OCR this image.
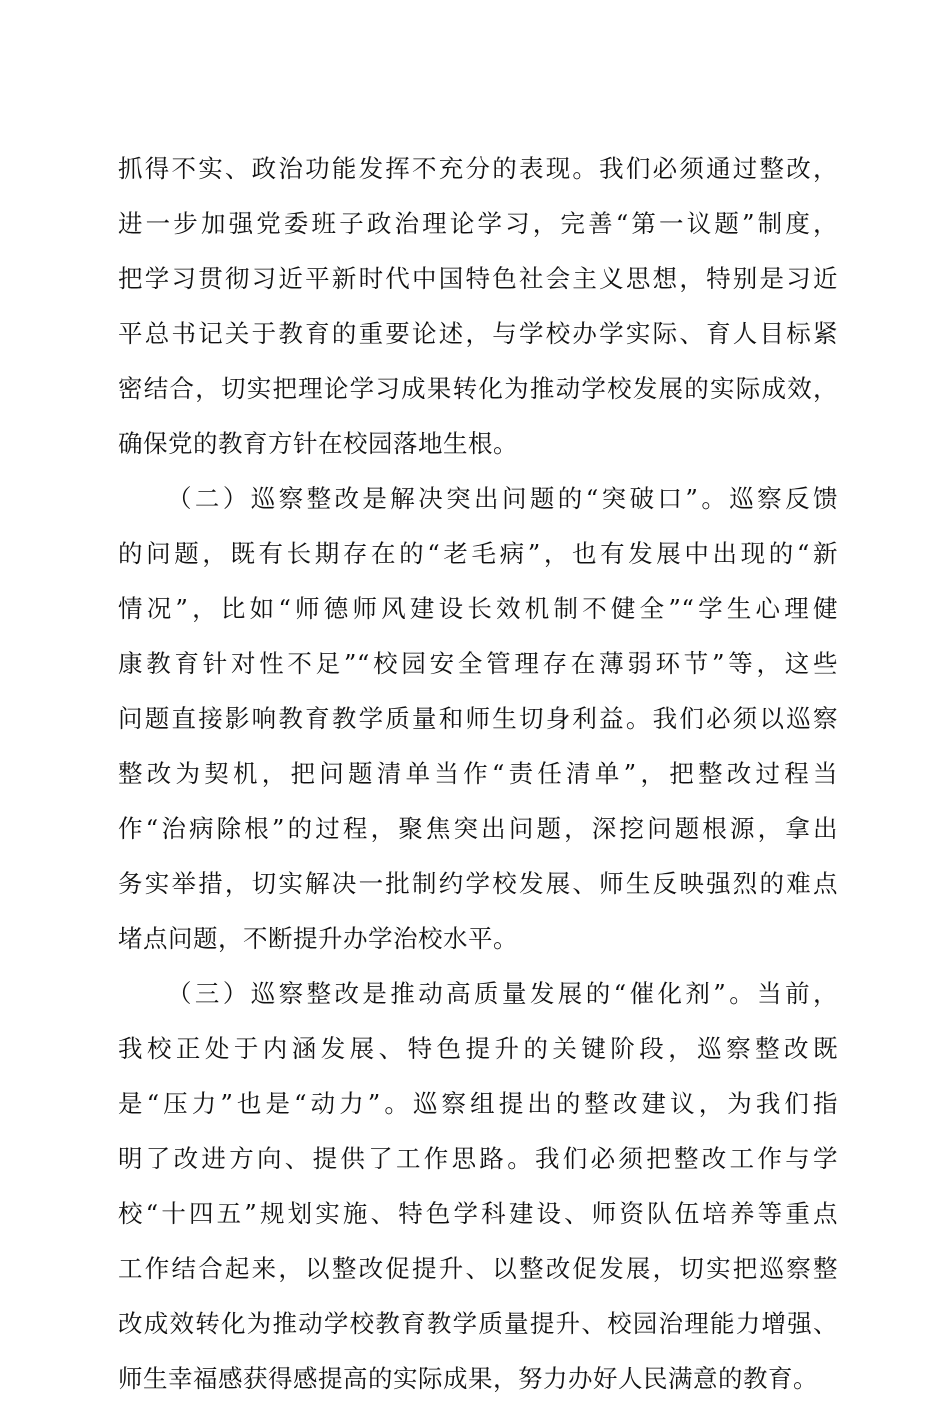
抓得不实、政治功能发挥不充分的表现。我们必须通过整改，
进一步加强党委班子政治理论学习，完善“第一议题”制度，
把学习贯彻习近平新时代中国特色社会主义思想，特别是习近
平总书记关于教育的重要论述，与学校办学实际、育人目标紧
密结合，切实把理论学习成果转化为推动学校发展的实际成效，
确保党的教育方针在校园落地生根。
（二）巡察整改是解决突出问题的“突破口”。巡察反馈
的问题，既有长期存在的“老毛病”，也有发展中出现的“新
情况”，比如“师德师风建设长效机制不健全”“学生心理健
康教育针对性不足”“校园安全管理存在薄弱环节”等，这些
问题直接影响教育教学质量和师生切身利益。我们必须以巡察
整改为契机，把问题清单当作“责任清单”，把整改过程当
作“治病除根”的过程，聚焦突出问题，深挖问题根源，拿出
务实举措，切实解决一批制约学校发展、师生反映强烈的难点
堵点问题，不断提升办学治校水平。
（三）巡察整改是推动高质量发展的“催化剂”。当前，
我校正处于内涵发展、特色提升的关键阶段，巡察整改既
是“压力”也是“动力”。巡察组提出的整改建议，为我们指
明了改进方向、提供了工作思路。我们必须把整改工作与学
校“十四五”规划实施、特色学科建设、师资队伍培养等重点
工作结合起来，以整改促提升、以整改促发展，切实把巡察整
改成效转化为推动学校教育教学质量提升、校园治理能力增强、
师生幸福感获得感提高的实际成果，努力办好人民满意的教育。
